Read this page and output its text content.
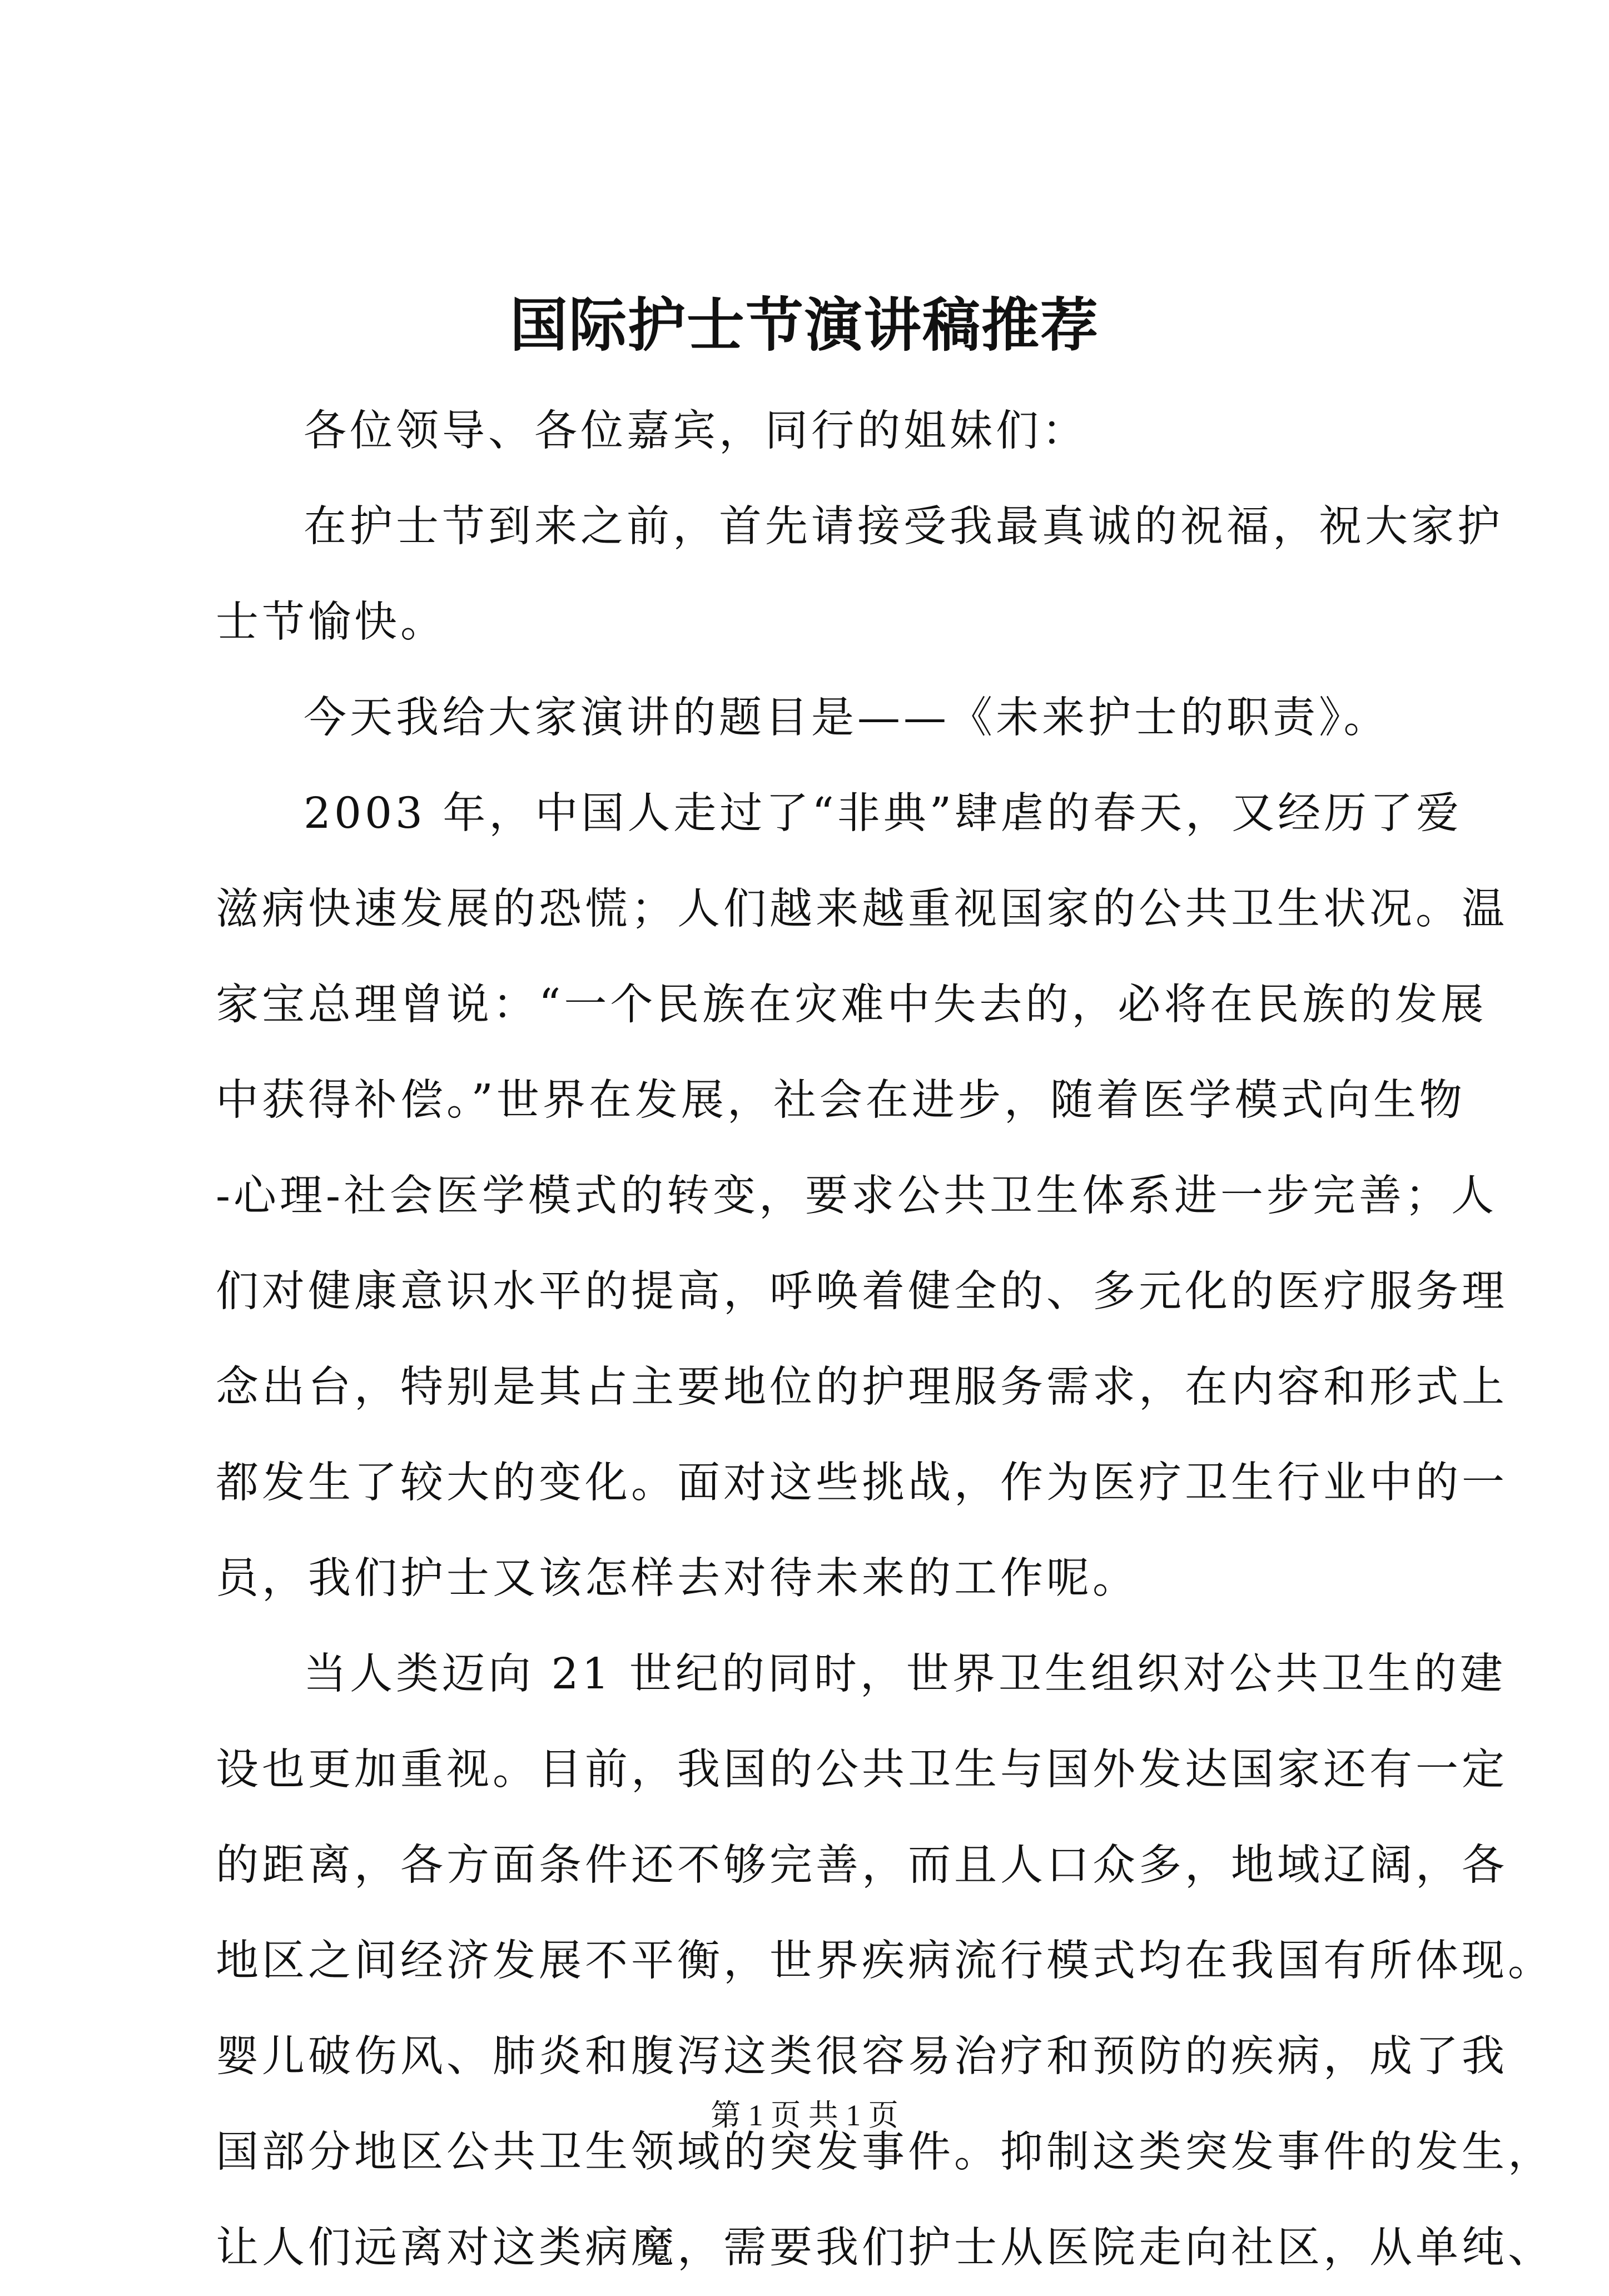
国际护士节演讲稿推荐
各位领导、各位嘉宾，同行的姐妹们：
在护士节到来之前，首先请接受我最真诚的祝福，祝大家护
士节愉快。
今天我给大家演讲的题目是——《未来护士的职责》。
2003 年，中国人走过了“非典”肆虐的春天，又经历了爱
滋病快速发展的恐慌；人们越来越重视国家的公共卫生状况。温
家宝总理曾说：“一个民族在灾难中失去的，必将在民族的发展
中获得补偿。”世界在发展，社会在进步，随着医学模式向生物
-心理-社会医学模式的转变，要求公共卫生体系进一步完善；人
们对健康意识水平的提高，呼唤着健全的、多元化的医疗服务理
念出台，特别是其占主要地位的护理服务需求，在内容和形式上
都发生了较大的变化。面对这些挑战，作为医疗卫生行业中的一
员，我们护士又该怎样去对待未来的工作呢。
当人类迈向 21 世纪的同时，世界卫生组织对公共卫生的建
设也更加重视。目前，我国的公共卫生与国外发达国家还有一定
的距离，各方面条件还不够完善，而且人口众多，地域辽阔，各
地区之间经济发展不平衡，世界疾病流行模式均在我国有所体现。
婴儿破伤风、肺炎和腹泻这类很容易治疗和预防的疾病，成了我
国部分地区公共卫生领域的突发事件。抑制这类突发事件的发生，
让人们远离对这类病魔，需要我们护士从医院走向社区，从单纯、
第 1 页 共 1 页
